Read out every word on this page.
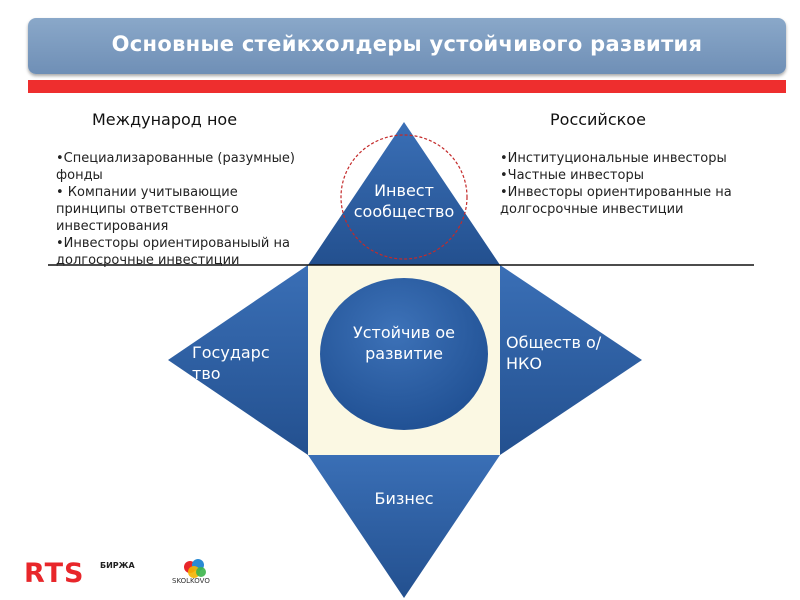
Основные стейкхолдеры устойчивого развития
Международ ное
•Специализарованные (разумные) фонды
• Компании учитывающие принципы ответственного инвестирования
•Инвесторы ориентированыый на долгосрочные инвестиции
Российское
•Институциональные инвесторы
•Частные инвесторы
•Инвесторы ориентированные на долгосрочные инвестиции
Инвест сообщество
Государс тво
Обществ о/НКО
Бизнес
Устойчив ое развитие
RTS БИРЖА
SKOLKOVO
